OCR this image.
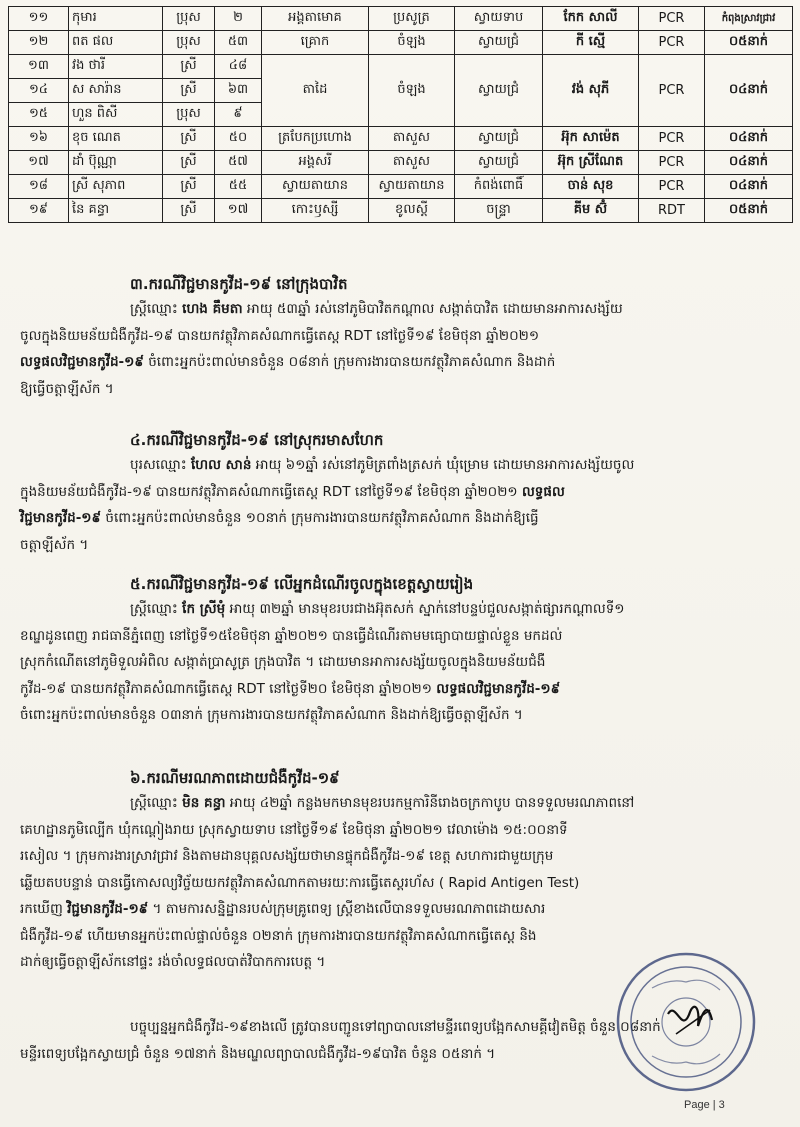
១១	កុមារ	ប្រុស	២	អង្គតាមោគ	ប្រសូត្រ	ស្វាយទាប	កែក សាលី	PCR	កំពុងស្រាវជ្រាវ
១២	ពត ផល	ប្រុស	៥៣	គ្រោក	ចំឡង	ស្វាយជ្រំ	កី ស្មើ	PCR	០៥នាក់
១៣	វង ថារី	ស្រី	៤៨	តាដៃ	ចំឡង	ស្វាយជ្រំ	វង់ សុភី	PCR	០៤នាក់
១៤	ស សារ៉ាន	ស្រី	៦៣						
១៥	ហួន ពិសី	ប្រុស	៩						
១៦	ខុច ណេត	ស្រី	៥០	ត្របែកប្រហោង	តាសួស	ស្វាយជ្រំ	អ៊ុក សាម៉េត	PCR	០៤នាក់
១៧	ដាំ ប៊ុណ្ណា	ស្រី	៥៧	អង្គសរី	តាសួស	ស្វាយជ្រំ	អ៊ុក ស្រីណែត	PCR	០៤នាក់
១៨	ស្រី សុភាព	ស្រី	៥៥	ស្វាយតាយាន	ស្វាយតាយាន	កំពង់ពោធិ៍	ចាន់ សុខ	PCR	០៤នាក់
១៩	នៃ គន្ធា	ស្រី	១៧	កោះឫស្សី	ខូលស្តី	ចន្ទ្រា	គីម ស៊ំ	RDT	០៥នាក់
៣.ករណីវិជ្ជមានកូវីដ-១៩ នៅក្រុងបាវិត
ស្ត្រីឈ្មោះ ហេង គឹមតា អាយុ ៥៣ឆ្នាំ រស់នៅភូមិបាវិតកណ្តាល សង្កាត់បាវិត ដោយមានអាការសង្ស័យ
ចូលក្នុងនិយមន័យជំងឺកូវីដ-១៩ បានយកវត្ថុវិភាគសំណាកធ្វើតេស្ត RDT នៅថ្ងៃទី១៩ ខែមិថុនា ឆ្នាំ២០២១
លទ្ធផលវិជ្ជមានកូវីដ-១៩ ចំពោះអ្នកប៉ះពាល់មានចំនួន ០៨នាក់ ក្រុមការងារបានយកវត្ថុវិភាគសំណាក និងដាក់
ឱ្យធ្វើចត្តាឡីស័ក ។
៤.ករណីវិជ្ជមានកូវីដ-១៩ នៅស្រុករមាសហែក
បុរសឈ្មោះ ហែល សាន់ អាយុ ៦១ឆ្នាំ រស់នៅភូមិត្រពាំងត្រសក់ ឃុំម្រោម ដោយមានអាការសង្ស័យចូល
ក្នុងនិយមន័យជំងឺកូវីដ-១៩ បានយកវត្ថុវិភាគសំណាកធ្វើតេស្ត RDT នៅថ្ងៃទី១៩ ខែមិថុនា ឆ្នាំ២០២១ លទ្ធផល
វិជ្ជមានកូវីដ-១៩ ចំពោះអ្នកប៉ះពាល់មានចំនួន ១០នាក់ ក្រុមការងារបានយកវត្ថុវិភាគសំណាក និងដាក់ឱ្យធ្វើ
ចត្តាឡីស័ក ។
៥.ករណីវិជ្ជមានកូវីដ-១៩ លើអ្នកដំណើរចូលក្នុងខេត្តស្វាយរៀង
ស្ត្រីឈ្មោះ កែ ស្រីមុំ អាយុ ៣២ឆ្នាំ មានមុខរបរជាងអ៊ុតសក់ ស្នាក់នៅបន្ទប់ជួលសង្កាត់ផ្សារកណ្តាលទី១
ខណ្ឌដូនពេញ រាជធានីភ្នំពេញ នៅថ្ងៃទី១៥ខែមិថុនា ឆ្នាំ២០២១ បានធ្វើដំណើរតាមមធ្យោបាយផ្ទាល់ខ្លួន មកដល់
ស្រុកកំណើតនៅភូមិទួលអំពិល សង្កាត់ប្រាសូត្រ ក្រុងបាវិត ។ ដោយមានអាការសង្ស័យចូលក្នុងនិយមន័យជំងឺ
កូវីដ-១៩ បានយកវត្ថុវិភាគសំណាកធ្វើតេស្ត RDT នៅថ្ងៃទី២០ ខែមិថុនា ឆ្នាំ២០២១ លទ្ធផលវិជ្ជមានកូវីដ-១៩
ចំពោះអ្នកប៉ះពាល់មានចំនួន ០៣នាក់ ក្រុមការងារបានយកវត្ថុវិភាគសំណាក និងដាក់ឱ្យធ្វើចត្តាឡីស័ក ។
៦.ករណីមរណភាពដោយជំងឺកូវីដ-១៩
ស្ត្រីឈ្មោះ មិន គន្ធា អាយុ ៤២ឆ្នាំ កន្លងមកមានមុខរបរកម្មការិនីរោងចក្រកាបូប បានទទួលមរណភាពនៅ
គេហដ្ឋានភូមិល្បើក ឃុំកណ្តៀងរាយ ស្រុកស្វាយទាប នៅថ្ងៃទី១៩ ខែមិថុនា ឆ្នាំ២០២១ វេលាម៉ោង ១៥:០០នាទី
រសៀល ។ ក្រុមការងារស្រាវជ្រាវ និងតាមដានបុគ្គលសង្ស័យថាមានផ្ទុកជំងឺកូវីដ-១៩ ខេត្ត សហការជាមួយក្រុម
ឆ្លើយតបបន្ទាន់ បានធ្វើកោសល្យវិច្ច័យយកវត្ថុវិភាគសំណាកតាមរយៈការធ្វើតេស្តរហ័ស ( Rapid Antigen Test)
រកឃើញ វិជ្ជមានកូវីដ-១៩ ។ តាមការសន្និដ្ឋានរបស់ក្រុមគ្រូពេទ្យ ស្ត្រីខាងលើបានទទួលមរណភាពដោយសារ
ជំងឺកូវីដ-១៩ ហើយមានអ្នកប៉ះពាល់ផ្ទាល់ចំនួន ០២នាក់ ក្រុមការងារបានយកវត្ថុវិភាគសំណាកធ្វើតេស្ត និង
ដាក់ឲ្យធ្វើចត្តាឡីស័កនៅផ្ទះ រង់ចាំលទ្ធផលបាត់វិបាកការបេត្ត ។
បច្ចុប្បន្នអ្នកជំងឺកូវីដ-១៩ខាងលើ ត្រូវបានបញ្ជូនទៅព្យាបាលនៅមន្ទីរពេទ្យបង្អែកសាមគ្គីវៀតមិត្ត ចំនួន ០៨នាក់
មន្ទីរពេទ្យបង្អែកស្វាយជ្រំ ចំនួន ១៧នាក់ និងមណ្ឌលព្យាបាលជំងឺកូវីដ-១៩បាវិត ចំនួន ០៥នាក់ ។
Page | 3
